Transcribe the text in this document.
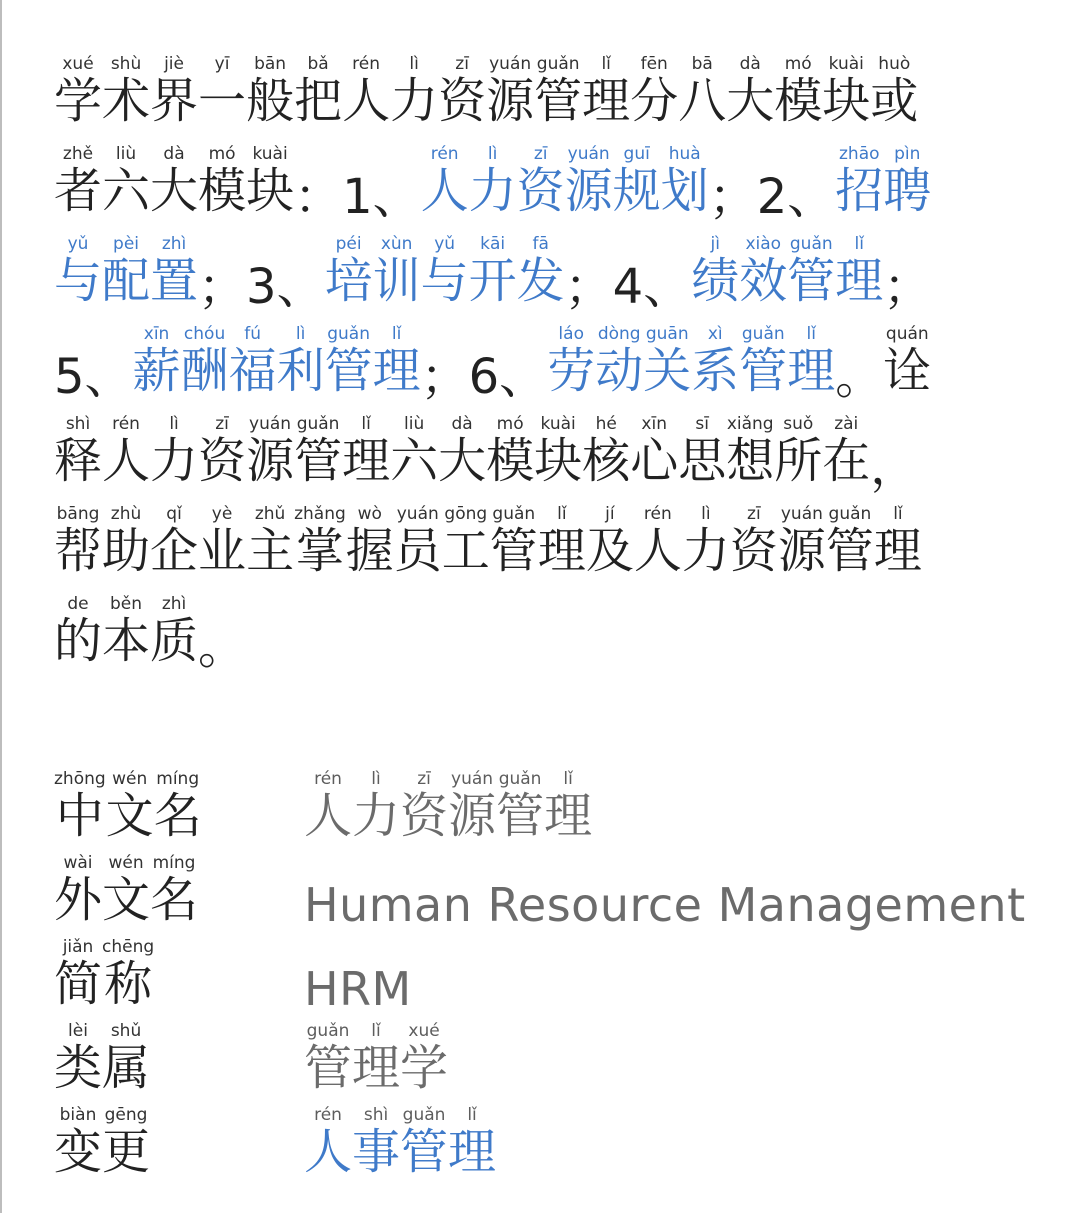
学xué术shù界jiè一yī般bān把bǎ人rén力lì资zī源yuán管guǎn理lǐ分fēn八bā大dà模mó块kuài或huò
者zhě六liù大dà模mó块kuài：1、人rén力lì资zī源yuán规guī划huà；2、招zhāo聘pìn
与yǔ配pèi置zhì；3、培péi训xùn与yǔ开kāi发fā；4、绩jì效xiào管guǎn理lǐ；
5、薪xīn酬chóu福fú利lì管guǎn理lǐ；6、劳láo动dòng关guān系xì管guǎn理lǐ。诠quán
释shì人rén力lì资zī源yuán管guǎn理lǐ六liù大dà模mó块kuài核hé心xīn思sī想xiǎng所suǒ在zài，
帮bāng助zhù企qǐ业yè主zhǔ掌zhǎng握wò员yuán工gōng管guǎn理lǐ及jí人rén力lì资zī源yuán管guǎn理lǐ
的de本běn质zhì。
中zhōng文wén名míng
人rén力lì资zī源yuán管guǎn理lǐ
外wài文wén名míng
Human Resource Management
简jiǎn称chēng
HRM
类lèi属shǔ
管guǎn理lǐ学xué
变biàn更gēng
人rén事shì管guǎn理lǐ
